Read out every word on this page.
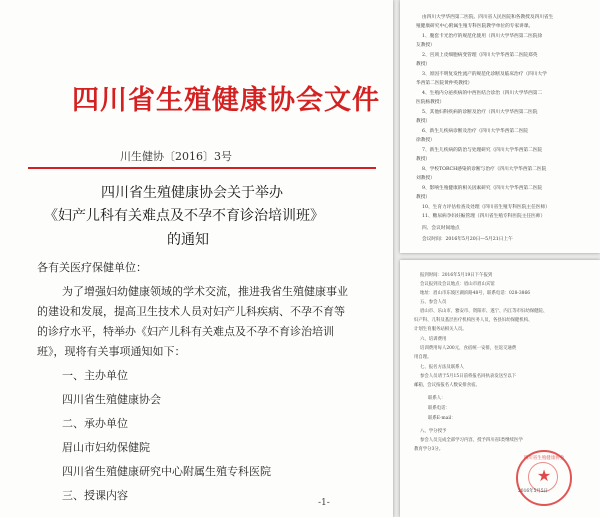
四川省生殖健康协会文件
川生健协〔2016〕3号
四川省生殖健康协会关于举办
《妇产儿科有关难点及不孕不育诊治培训班》
的通知
各有关医疗保健单位：
为了增强妇幼健康领域的学术交流，推进我省生殖健康事业
的建设和发展，提高卫生技术人员对妇产儿科疾病、不孕不育等
的诊疗水平，特举办《妇产儿科有关难点及不孕不育诊治培训
班》，现将有关事项通知如下：
一、主办单位
四川省生殖健康协会
二、承办单位
眉山市妇幼保健院
四川省生殖健康研究中心附属生殖专科医院
三、授课内容
-1-
由四川大学华西第二医院、四川省人民医院和各教授及四川省生
殖健康研究中心附属生殖专科医院教学单位的专家讲课。
1、腹套卡光治疗的规范化使用（四川大学华西第二医院徐
友教授）
2、宫颈上皮细胞病变管理（四川大学华西第二医院郑英
教授）
3、原因不明复发性流产的规范化诊断及临床治疗（四川大学
华西第二医院黄仲英教授）
4、生殖内分泌疾病的中西医结合诊治（四川大学华西第二
医院杨教授）
5、其他妇科疾病的诊断及治疗（四川大学华西第二医院
教授）
6、新生儿疾病诊断及治疗（四川大学华西第二医院
徐教授）
7、新生儿疾病的防治与处理研究（四川大学华西第二医院
教授）
8、学校TORCH感染的诊断与治疗（四川大学华西第二医院
刘教授）
9、影响生殖健康的相关因素研究（四川大学华西第二医院
教授）
10、生育力评估检查及处理（四川省生殖专科医院主任医师）
11、糖尿病孕妇妊娠管理（四川省生殖专科医院主任医师）
四、会议时间地点
会议时间：2016年5月20日—5月21日上午
报到时间：2016年5月19日下午报到
会议报到及会议地点：眉山市眉山宾馆
地址：眉山市东坡区湖滨路48号，联系电话：028-3866
五、参会人员
眉山市、乐山市、雅安市、资阳市、遂宁、内江等市妇幼保健院、
妇产科、儿科及基层医疗机构医务人员，各县妇幼保健机构、
计划生育服务站相关人员。
六、培训费用
培训费用每人200元，食宿统一安排，往返交通费
用自理。
七、报名方法及联系人
参会人员请于5月15日前将报名回执表发送至以下
邮箱，会议按报名人数安排食宿。
联系人：
联系电话：
联系E-mail：
八、学分授予
参会人员完成全部学习内容，授予四川省Ⅰ类继续医学
教育学分3分。
四川省生殖健康协会
★
2016年5月5日
